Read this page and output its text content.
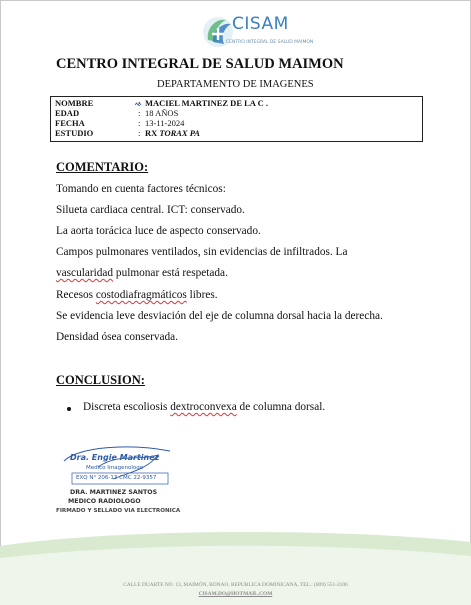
CISAM
CENTRO INTEGRAL DE SALUD MAIMON
CENTRO INTEGRAL DE SALUD MAIMON
DEPARTAMENTO DE IMAGENES
NOMBRE	: MACIEL MARTINEZ DE LA C .
EDAD	: 18 AÑOS
FECHA	: 13-11-2024
ESTUDIO	: RX TORAX PA
COMENTARIO:
Tomando en cuenta factores técnicos:
Silueta cardiaca central. ICT: conservado.
La aorta torácica luce de aspecto conservado.
Campos pulmonares ventilados, sin evidencias de infiltrados. La
vascularidad pulmonar está respetada.
Recesos costodiafragmáticos libres.
Se evidencia leve desviación del eje de columna dorsal hacia la derecha.
Densidad ósea conservada.
CONCLUSION:
Discreta escoliosis dextroconvexa de columna dorsal.
Dra. Engie Martinez
Medico Imagenologo
EXQ N° 206-13 CMC 22-9357
DRA. MARTINEZ SANTOS
MEDICO RADIOLOGO
FIRMADO Y SELLADO VIA ELECTRONICA
CALLE DUARTE NO. 13, MAIMÓN, BONAO, REPUBLICA DOMINICANA, TEL.: (809) 551-2106
CISAM.DO@HOTMAIL.COM
